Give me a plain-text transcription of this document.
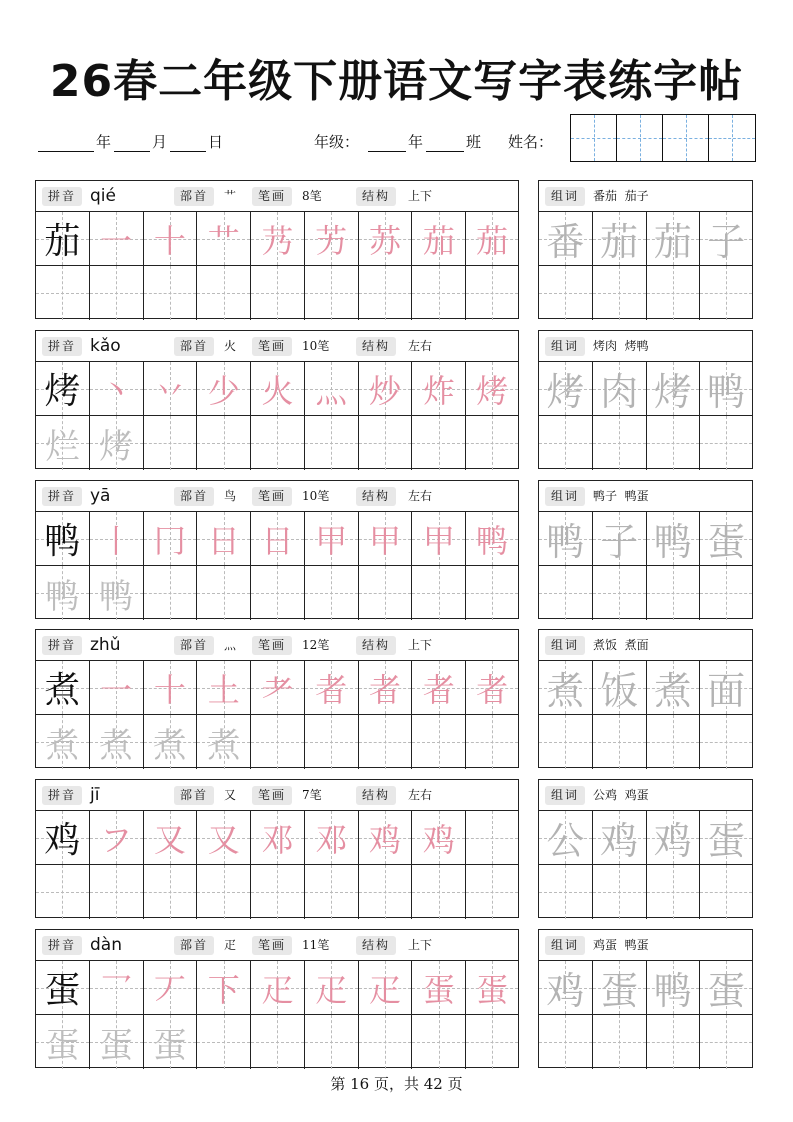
26春二年级下册语文写字表练字帖
年	月	日	年级：	年	班 姓名：
拼音 qié	部首	艹	笔画	8笔	结构	上下
茄 一 十 艹 艿 艻 苏 茄 茄
组词	番茄  茄子
番 茄 茄 子
拼音 kǎo	部首	火	笔画	10笔	结构	左右
烤 丶 丷 少 火 灬 炒 炸 烤
烂 烤
组词	烤肉  烤鸭
烤 肉 烤 鸭
拼音 yā	部首	鸟	笔画	10笔	结构	左右
鸭 丨 冂 日 日 甲 甲 甲 鸭
鸭 鸭
组词	鸭子  鸭蛋
鸭 子 鸭 蛋
拼音 zhǔ	部首	灬	笔画	12笔	结构	上下
煮 一 十 土 耂 者 者 者 者
煮 煮 煮 煮
组词	煮饭  煮面
煮 饭 煮 面
拼音 jī	部首	又	笔画	7笔	结构	左右
鸡 フ 又 又 邓 邓 鸡 鸡
组词	公鸡  鸡蛋
公 鸡 鸡 蛋
拼音 dàn	部首	疋	笔画	11笔	结构	上下
蛋 乛 丆 下 疋 疋 疋 蛋 蛋
蛋 蛋 蛋
组词	鸡蛋  鸭蛋
鸡 蛋 鸭 蛋
第 16 页，共 42 页
